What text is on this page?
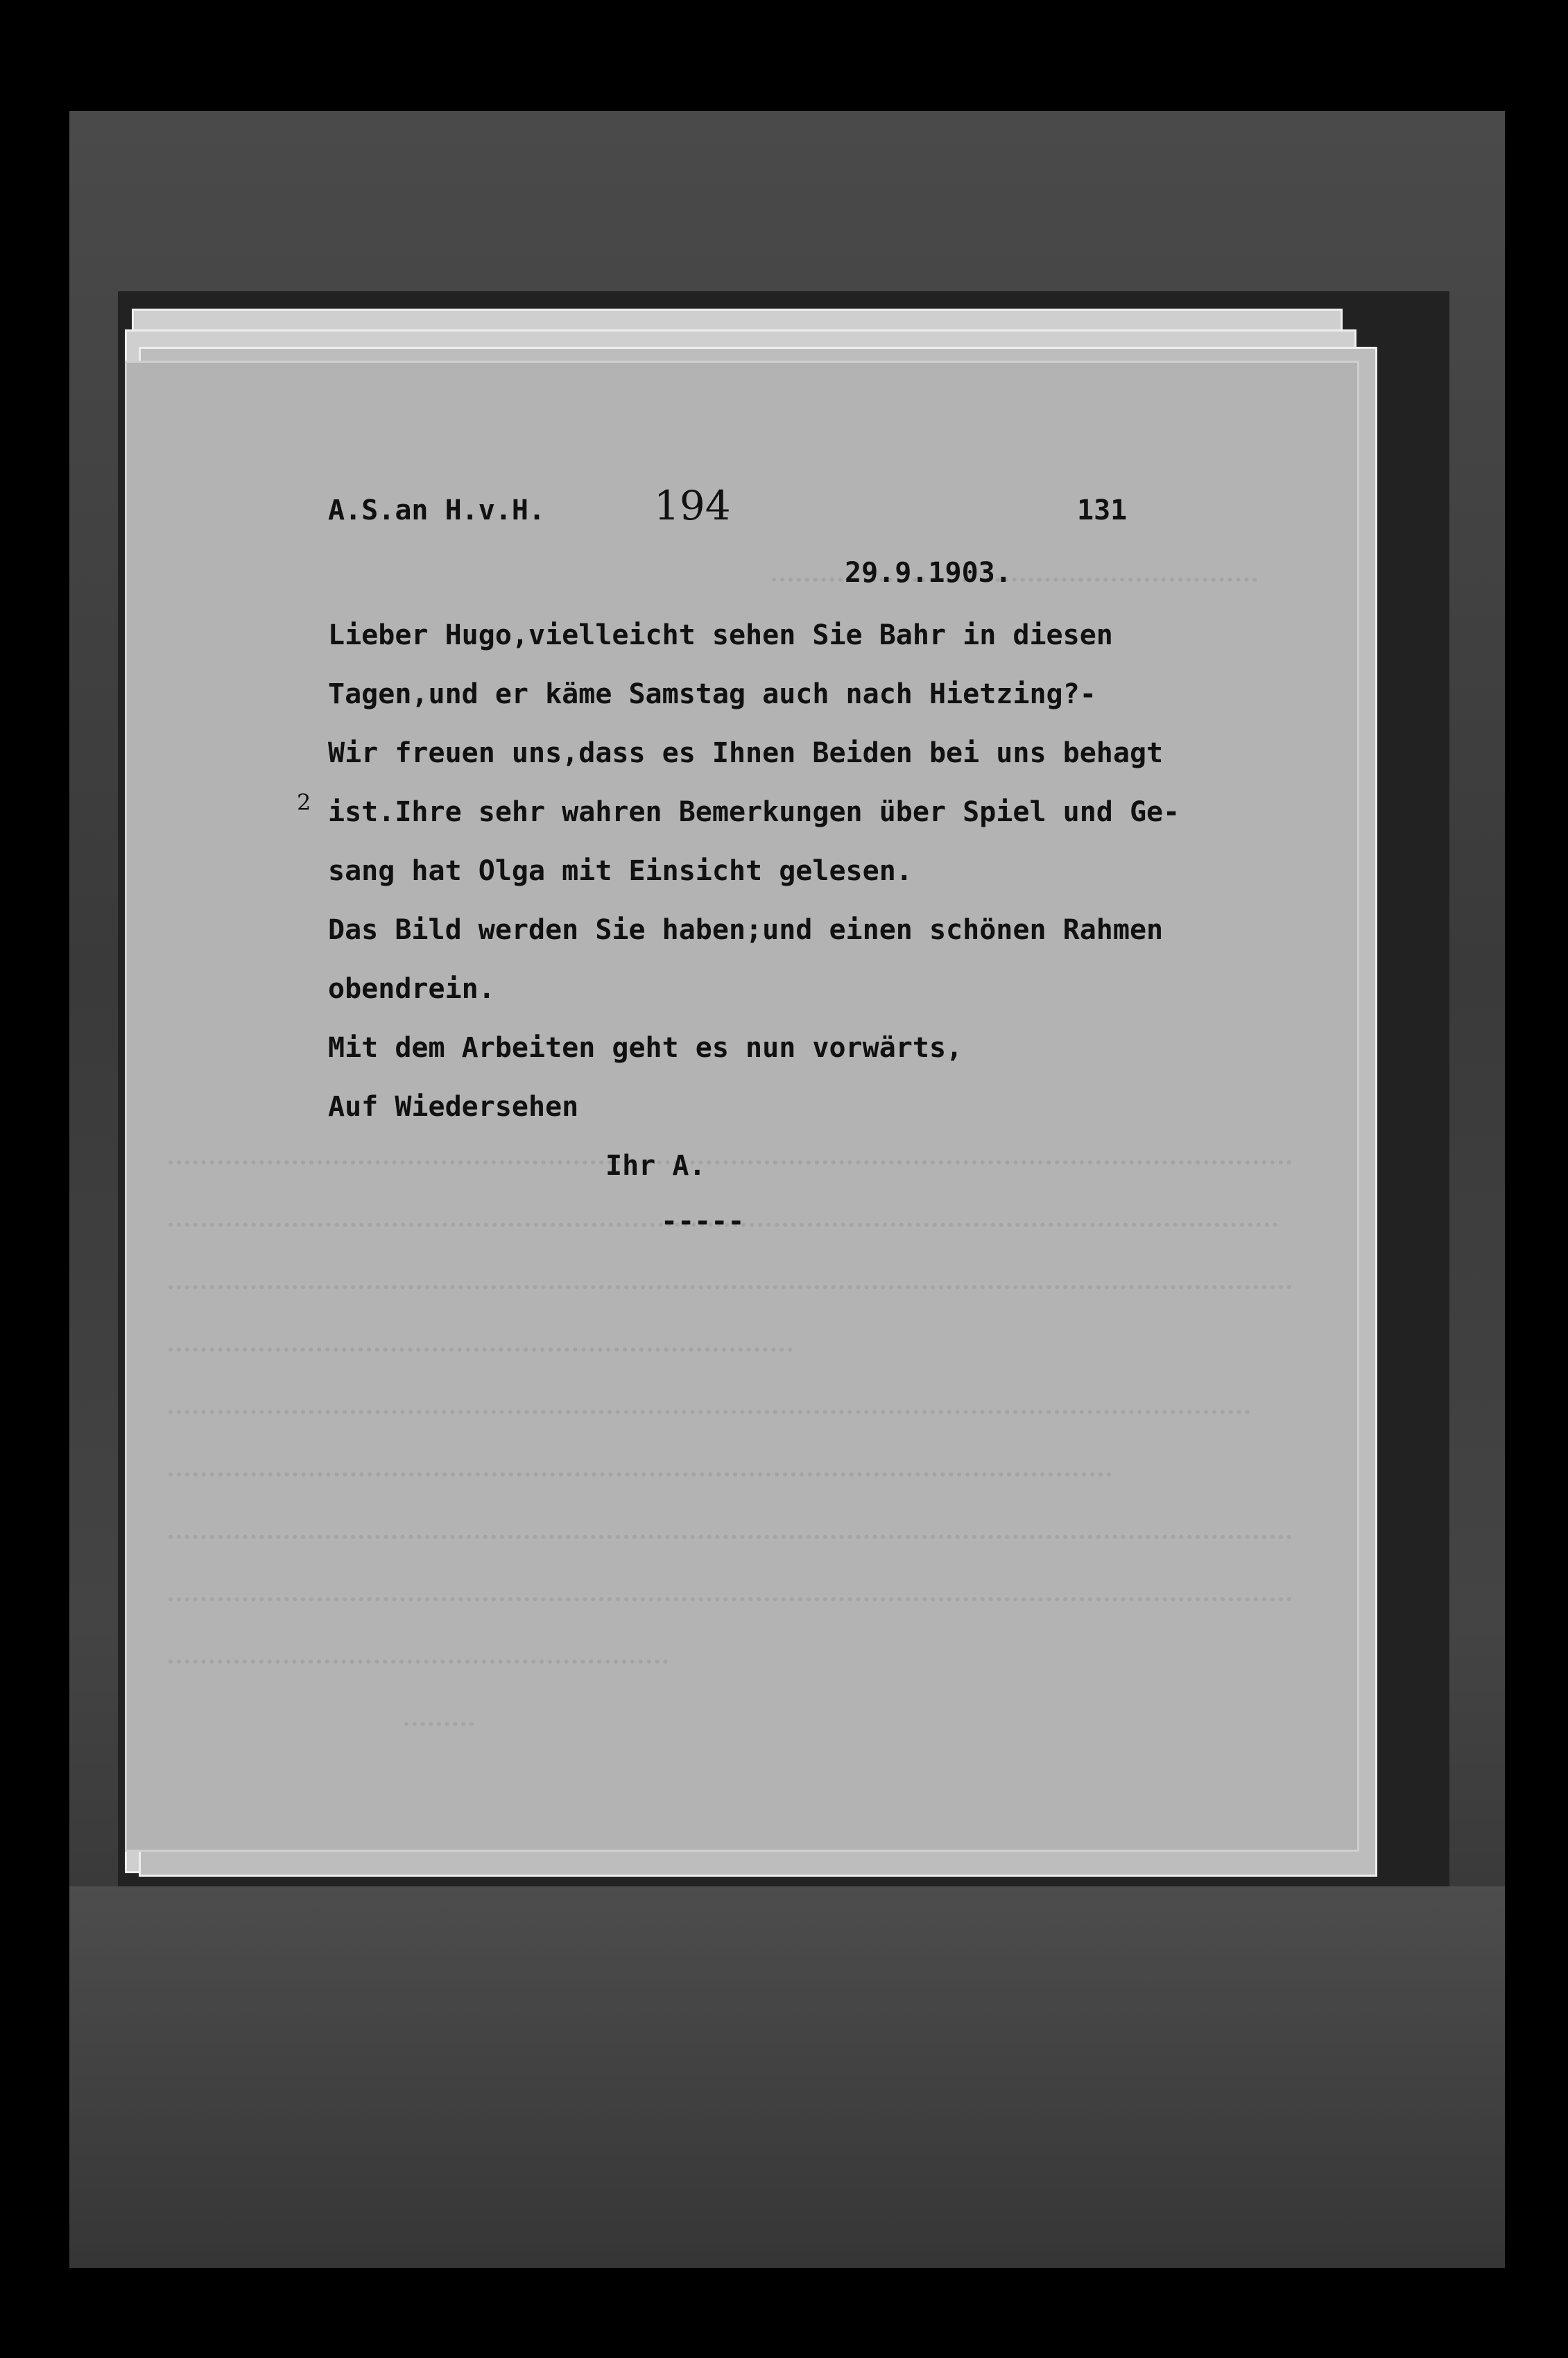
A.S.an H.v.H.	194	131
29.9.1903.
Lieber Hugo,vielleicht sehen Sie Bahr in diesen
Tagen,und er käme Samstag auch nach Hietzing?-
Wir freuen uns,dass es Ihnen Beiden bei uns behagt
2 ist.Ihre sehr wahren Bemerkungen über Spiel und Ge-
sang hat Olga mit Einsicht gelesen.
Das Bild werden Sie haben;und einen schönen Rahmen
obendrein.
Mit dem Arbeiten geht es nun vorwärts,
Auf Wiedersehen
Ihr A.
-----
